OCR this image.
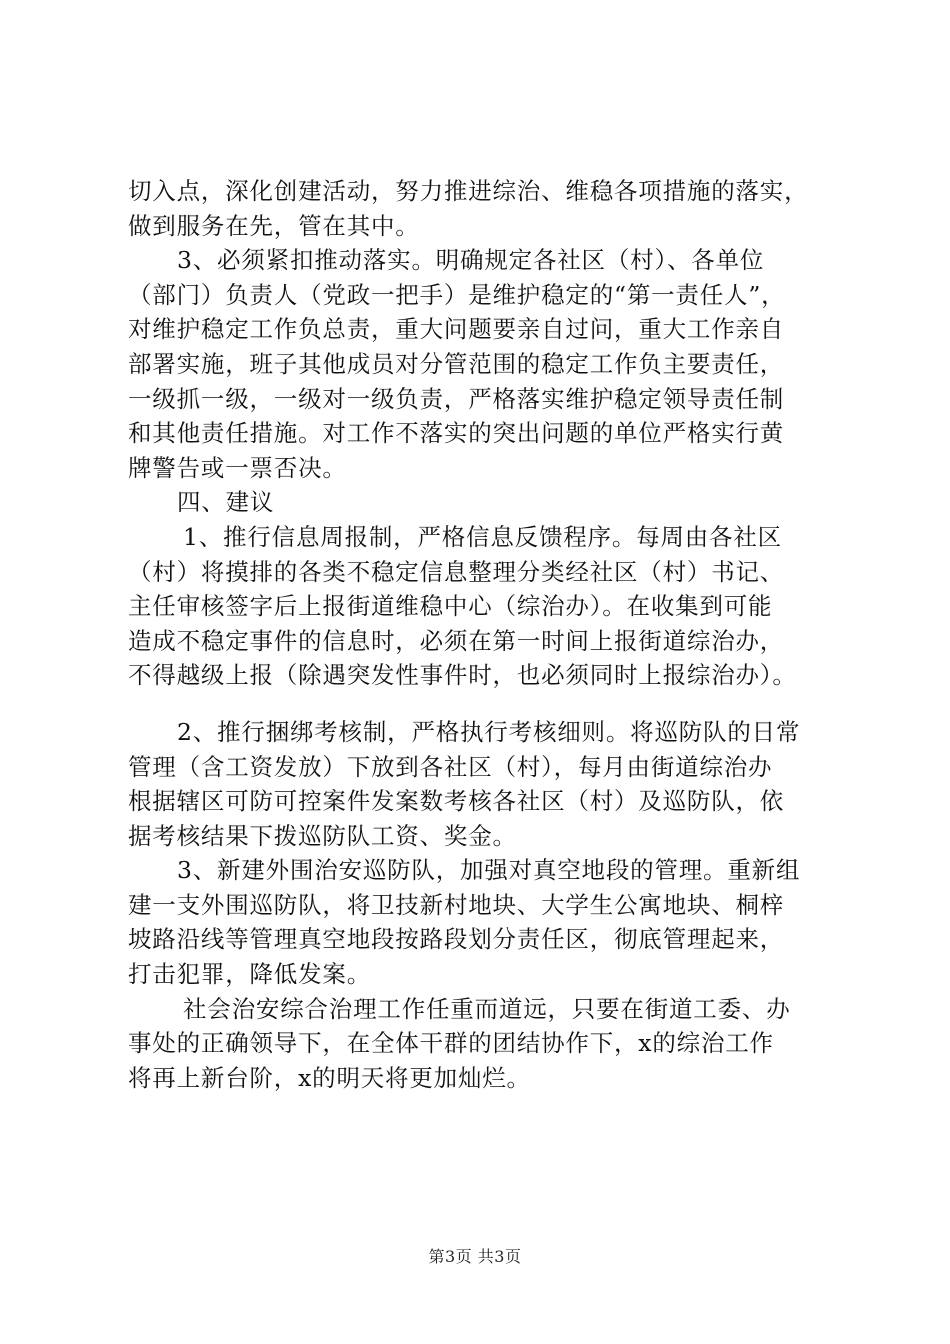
切入点，深化创建活动，努力推进综治、维稳各项措施的落实，
做到服务在先，管在其中。
3、必须紧扣推动落实。明确规定各社区（村）、各单位
（部门）负责人（党政一把手）是维护稳定的“第一责任人”，
对维护稳定工作负总责，重大问题要亲自过问，重大工作亲自
部署实施，班子其他成员对分管范围的稳定工作负主要责任，
一级抓一级，一级对一级负责，严格落实维护稳定领导责任制
和其他责任措施。对工作不落实的突出问题的单位严格实行黄
牌警告或一票否决。
四、建议
1、推行信息周报制，严格信息反馈程序。每周由各社区
（村）将摸排的各类不稳定信息整理分类经社区（村）书记、
主任审核签字后上报街道维稳中心（综治办）。在收集到可能
造成不稳定事件的信息时，必须在第一时间上报街道综治办，
不得越级上报（除遇突发性事件时，也必须同时上报综治办）。
2、推行捆绑考核制，严格执行考核细则。将巡防队的日常
管理（含工资发放）下放到各社区（村），每月由街道综治办
根据辖区可防可控案件发案数考核各社区（村）及巡防队，依
据考核结果下拨巡防队工资、奖金。
3、新建外围治安巡防队，加强对真空地段的管理。重新组
建一支外围巡防队，将卫技新村地块、大学生公寓地块、桐梓
坡路沿线等管理真空地段按路段划分责任区，彻底管理起来，
打击犯罪，降低发案。
社会治安综合治理工作任重而道远，只要在街道工委、办
事处的正确领导下，在全体干群的团结协作下，x的综治工作
将再上新台阶，x的明天将更加灿烂。
第3页 共3页
